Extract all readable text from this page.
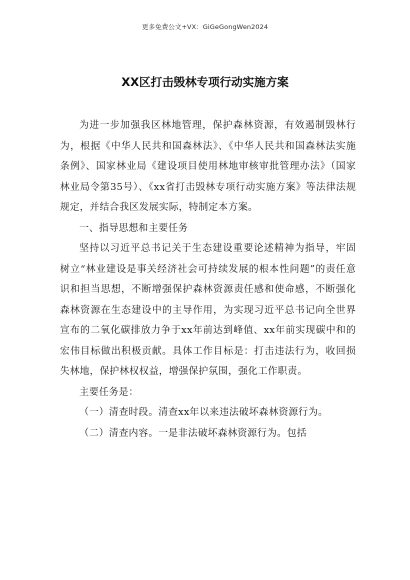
更多免费公文+VX：GiGeGongWen2024
XX区打击毁林专项行动实施方案

为进一步加强我区林地管理，保护森林资源，有效遏制毁林行为，根据《中华人民共和国森林法》、《中华人民共和国森林法实施条例》、国家林业局《建设项目使用林地审核审批管理办法》（国家林业局令第35号）、《xx省打击毁林专项行动实施方案》等法律法规规定，并结合我区发展实际，特制定本方案。

一、指导思想和主要任务

坚持以习近平总书记关于生态建设重要论述精神为指导，牢固树立“林业建设是事关经济社会可持续发展的根本性问题”的责任意识和担当思想，不断增强保护森林资源责任感和使命感，不断强化森林资源在生态建设中的主导作用，为实现习近平总书记向全世界宣布的二氧化碳排放力争于xx年前达到峰值、xx年前实现碳中和的宏伟目标做出积极贡献。具体工作目标是：打击违法行为，收回损失林地，保护林权权益，增强保护氛围，强化工作职责。

主要任务是：

（一）清查时段。清查xx年以来违法破坏森林资源行为。

（二）清查内容。一是非法破坏森林资源行为。包括
